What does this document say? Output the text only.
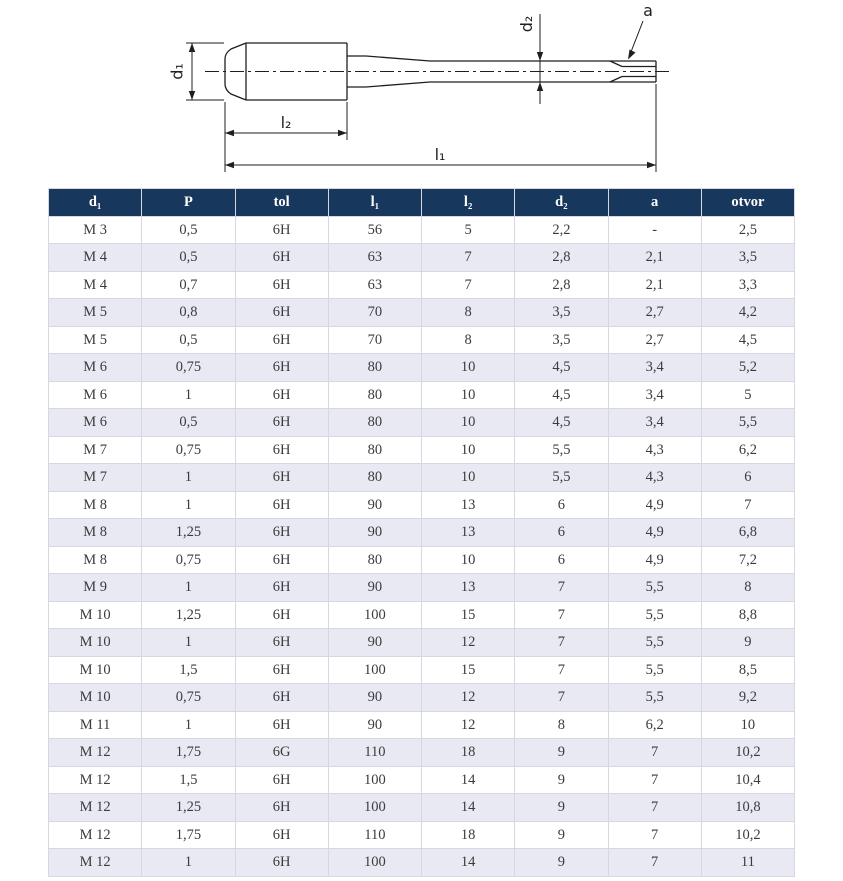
d₁
l₂
l₁
d₂
a
d₁	P	tol	l₁	l₂	d₂	a	otvor
M 3	0,5	6H	56	5	2,2	-	2,5
M 4	0,5	6H	63	7	2,8	2,1	3,5
M 4	0,7	6H	63	7	2,8	2,1	3,3
M 5	0,8	6H	70	8	3,5	2,7	4,2
M 5	0,5	6H	70	8	3,5	2,7	4,5
M 6	0,75	6H	80	10	4,5	3,4	5,2
M 6	1	6H	80	10	4,5	3,4	5
M 6	0,5	6H	80	10	4,5	3,4	5,5
M 7	0,75	6H	80	10	5,5	4,3	6,2
M 7	1	6H	80	10	5,5	4,3	6
M 8	1	6H	90	13	6	4,9	7
M 8	1,25	6H	90	13	6	4,9	6,8
M 8	0,75	6H	80	10	6	4,9	7,2
M 9	1	6H	90	13	7	5,5	8
M 10	1,25	6H	100	15	7	5,5	8,8
M 10	1	6H	90	12	7	5,5	9
M 10	1,5	6H	100	15	7	5,5	8,5
M 10	0,75	6H	90	12	7	5,5	9,2
M 11	1	6H	90	12	8	6,2	10
M 12	1,75	6G	110	18	9	7	10,2
M 12	1,5	6H	100	14	9	7	10,4
M 12	1,25	6H	100	14	9	7	10,8
M 12	1,75	6H	110	18	9	7	10,2
M 12	1	6H	100	14	9	7	11
